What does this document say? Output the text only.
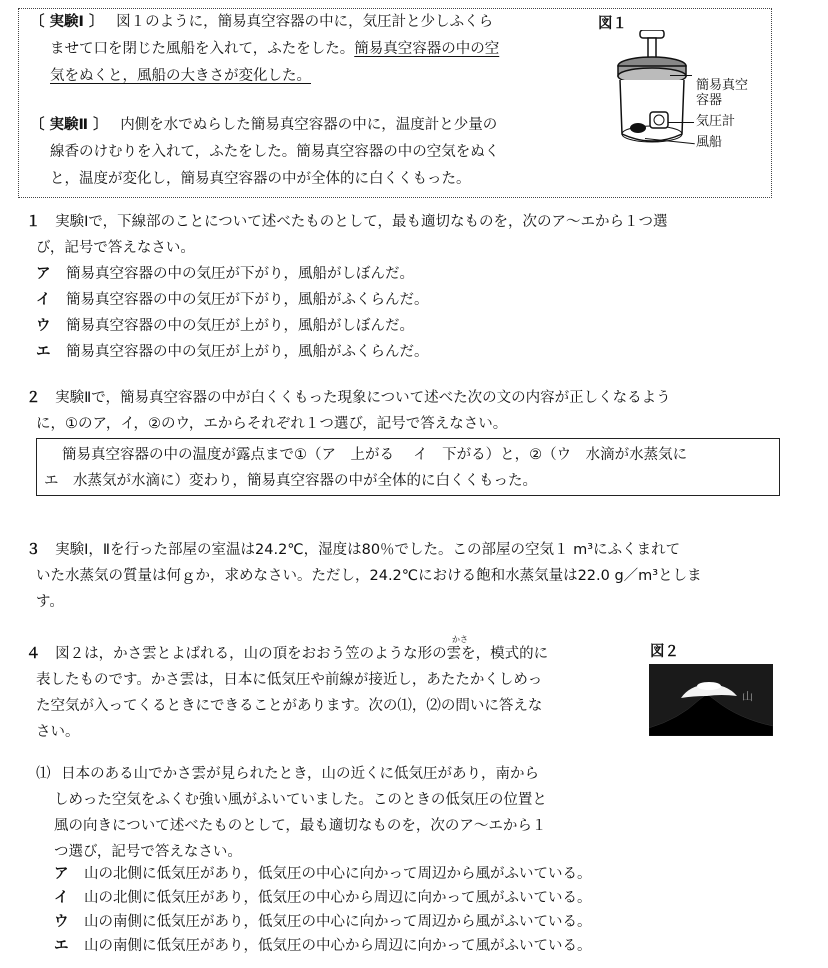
〔 実験Ⅰ 〕 図１のように，簡易真空容器の中に，気圧計と少しふくら
ませて口を閉じた風船を入れて，ふたをした。簡易真空容器の中の空
気をぬくと，風船の大きさが変化した。
〔 実験Ⅱ 〕 内側を水でぬらした簡易真空容器の中に，温度計と少量の
線香のけむりを入れて，ふたをした。簡易真空容器の中の空気をぬく
と，温度が変化し，簡易真空容器の中が全体的に白くくもった。
図１
簡易真空
容器
気圧計
風船
１ 実験Ⅰで，下線部のことについて述べたものとして，最も適切なものを，次のア～エから１つ選
び，記号で答えなさい。
ア 簡易真空容器の中の気圧が下がり，風船がしぼんだ。
イ 簡易真空容器の中の気圧が下がり，風船がふくらんだ。
ウ 簡易真空容器の中の気圧が上がり，風船がしぼんだ。
エ 簡易真空容器の中の気圧が上がり，風船がふくらんだ。
２ 実験Ⅱで，簡易真空容器の中が白くくもった現象について述べた次の文の内容が正しくなるよう
に，①のア，イ，②のウ，エからそれぞれ１つ選び，記号で答えなさい。
簡易真空容器の中の温度が露点まで①（ア　上がる　 イ　下がる）と，②（ウ　水滴が水蒸気に
エ　水蒸気が水滴に）変わり，簡易真空容器の中が全体的に白くくもった。
３ 実験Ⅰ，Ⅱを行った部屋の室温は24.2℃，湿度は80％でした。この部屋の空気１ m³にふくまれて
いた水蒸気の質量は何ｇか，求めなさい。ただし，24.2℃における飽和水蒸気量は22.0 g／m³としま
す。
かさ
４ 図２は，かさ雲とよばれる，山の頂をおおう笠のような形の雲を，模式的に
表したものです。かさ雲は，日本に低気圧や前線が接近し，あたたかくしめっ
た空気が入ってくるときにできることがあります。次の⑴，⑵の問いに答えな
さい。
図２
山
⑴ 日本のある山でかさ雲が見られたとき，山の近くに低気圧があり，南から
しめった空気をふくむ強い風がふいていました。このときの低気圧の位置と
風の向きについて述べたものとして，最も適切なものを，次のア～エから１
つ選び，記号で答えなさい。
ア 山の北側に低気圧があり，低気圧の中心に向かって周辺から風がふいている。
イ 山の北側に低気圧があり，低気圧の中心から周辺に向かって風がふいている。
ウ 山の南側に低気圧があり，低気圧の中心に向かって周辺から風がふいている。
エ 山の南側に低気圧があり，低気圧の中心から周辺に向かって風がふいている。
